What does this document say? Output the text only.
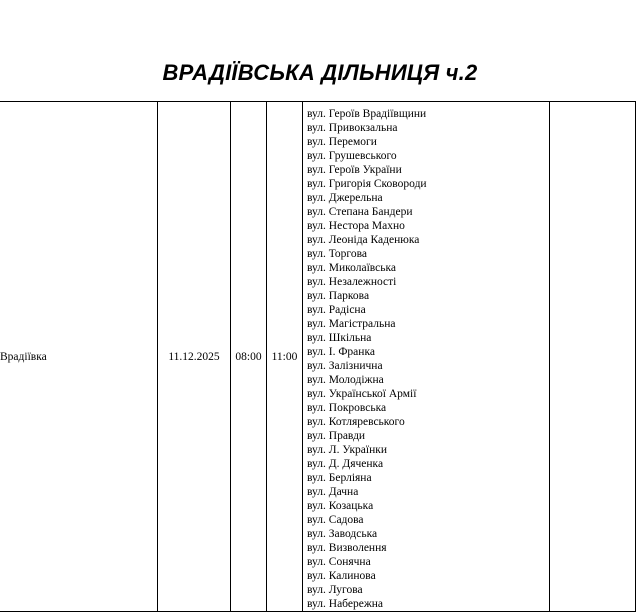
ВРАДІЇВСЬКА ДІЛЬНИЦЯ ч.2
Врадіївка	11.12.2025	08:00	11:00	
вул. Героїв Врадіївщини
вул. Привокзальна
вул. Перемоги
вул. Грушевського
вул. Героїв України
вул. Григорія Сковороди
вул. Джерельна
вул. Степана Бандери
вул. Нестора Махно
вул. Леоніда Каденюка
вул. Торгова
вул. Миколаївська
вул. Незалежності
вул. Паркова
вул. Радісна
вул. Магістральна
вул. Шкільна
вул. І. Франка
вул. Залізнична
вул. Молодіжна
вул. Української Армії
вул. Покровська
вул. Котляревського
вул. Правди
вул. Л. Українки
вул. Д. Дяченка
вул. Берліяна
вул. Дачна
вул. Козацька
вул. Садова
вул. Заводська
вул. Визволення
вул. Сонячна
вул. Калинова
вул. Лугова
вул. Набережна
